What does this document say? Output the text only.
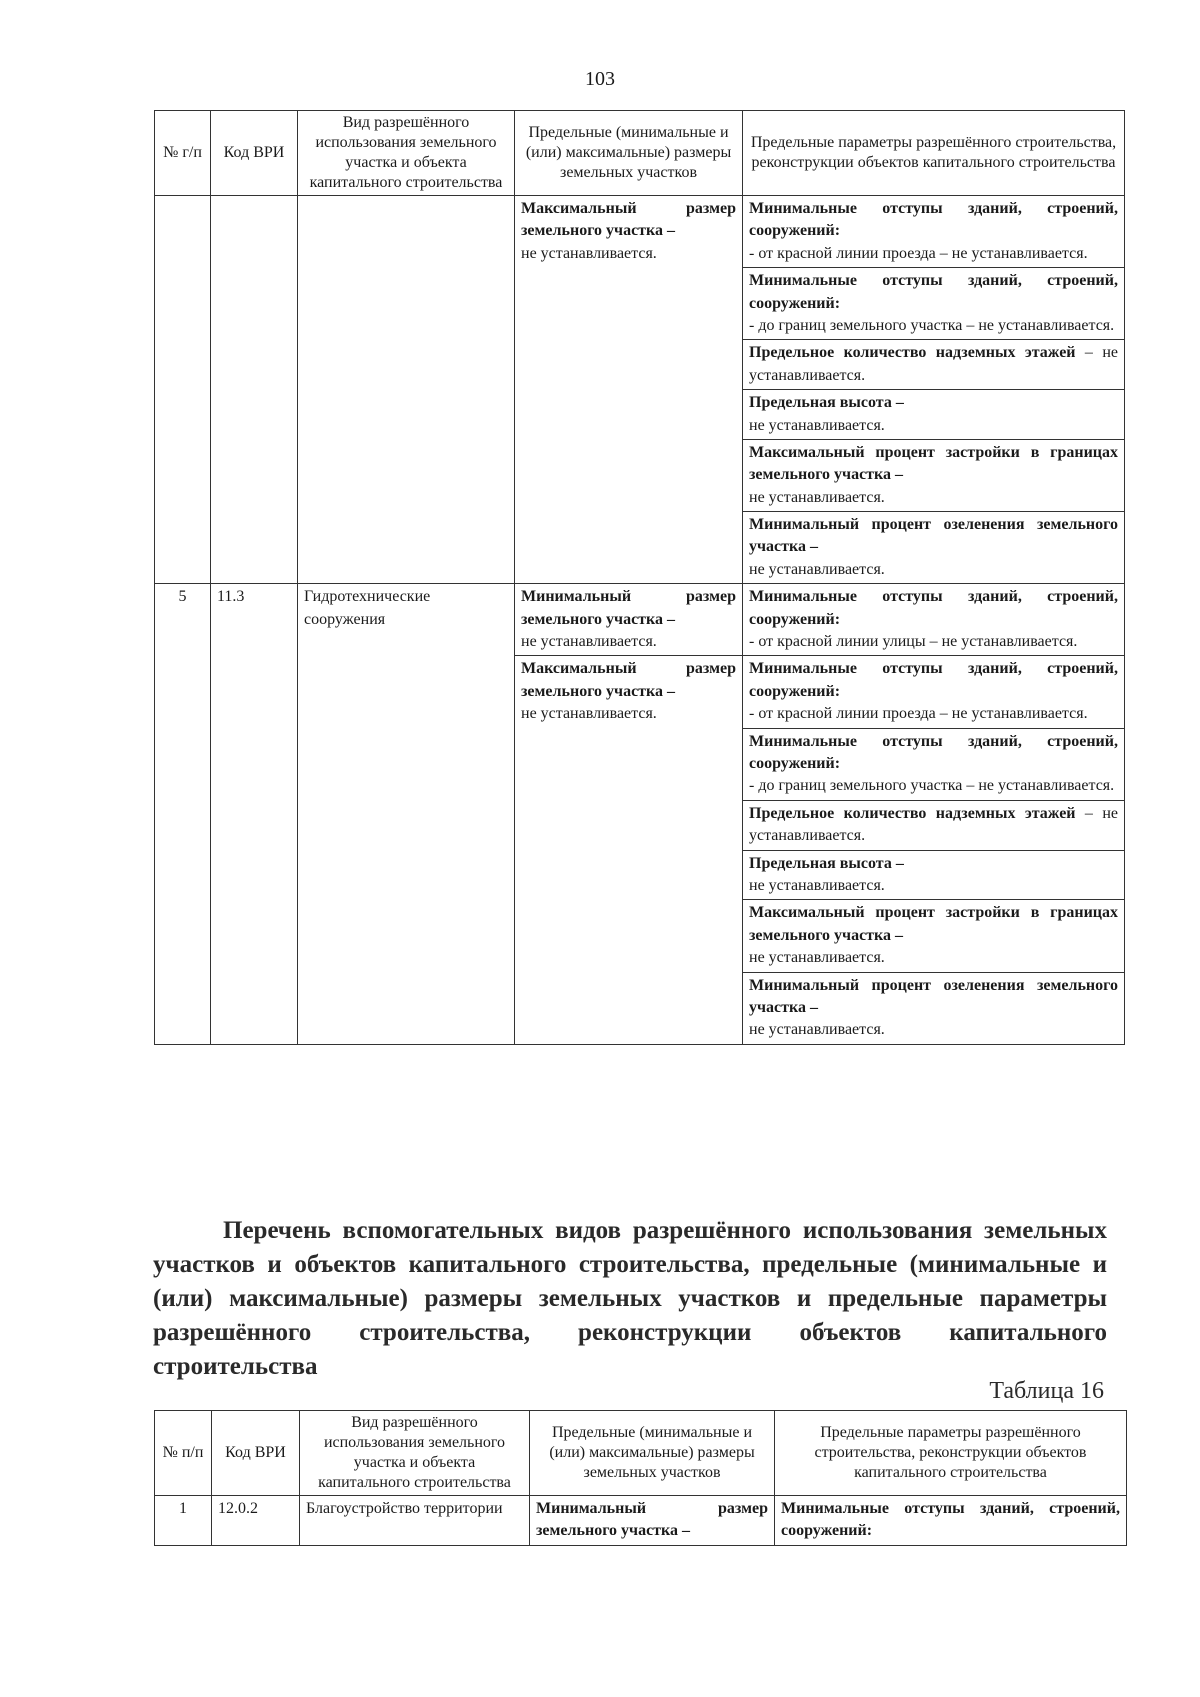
103
№ г/п	Код ВРИ	Вид разрешённого использования земельного участка и объекта капитального строительства	Предельные (минимальные и (или) максимальные) размеры земельных участков	Предельные параметры разрешённого строительства, реконструкции объектов капитального строительства
			Максимальный размер земельного участка –
не устанавливается.	Минимальные отступы зданий, строений, сооружений:
- от красной линии проезда – не устанавливается.
				Минимальные отступы зданий, строений, сооружений:
- до границ земельного участка – не устанавливается.
				Предельное количество надземных этажей – не устанавливается.
				Предельная высота –
не устанавливается.
				Максимальный процент застройки в границах земельного участка –
не устанавливается.
				Минимальный процент озеленения земельного участка –
не устанавливается.
5	11.3	Гидротехнические сооружения	Минимальный размер земельного участка –
не устанавливается.	Минимальные отступы зданий, строений, сооружений:
- от красной линии улицы – не устанавливается.
			Максимальный размер земельного участка –
не устанавливается.	Минимальные отступы зданий, строений, сооружений:
- от красной линии проезда – не устанавливается.
				Минимальные отступы зданий, строений, сооружений:
- до границ земельного участка – не устанавливается.
				Предельное количество надземных этажей – не устанавливается.
				Предельная высота –
не устанавливается.
				Максимальный процент застройки в границах земельного участка –
не устанавливается.
				Минимальный процент озеленения земельного участка –
не устанавливается.
Перечень вспомогательных видов разрешённого использования земельных участков и объектов капитального строительства, предельные (минимальные и (или) максимальные) размеры земельных участков и предельные параметры разрешённого строительства, реконструкции объектов капитального строительства
Таблица 16
№ п/п	Код ВРИ	Вид разрешённого использования земельного участка и объекта капитального строительства	Предельные (минимальные и (или) максимальные) размеры земельных участков	Предельные параметры разрешённого строительства, реконструкции объектов капитального строительства
1	12.0.2	Благоустройство территории	Минимальный размер земельного участка –	Минимальные отступы зданий, строений, сооружений:
